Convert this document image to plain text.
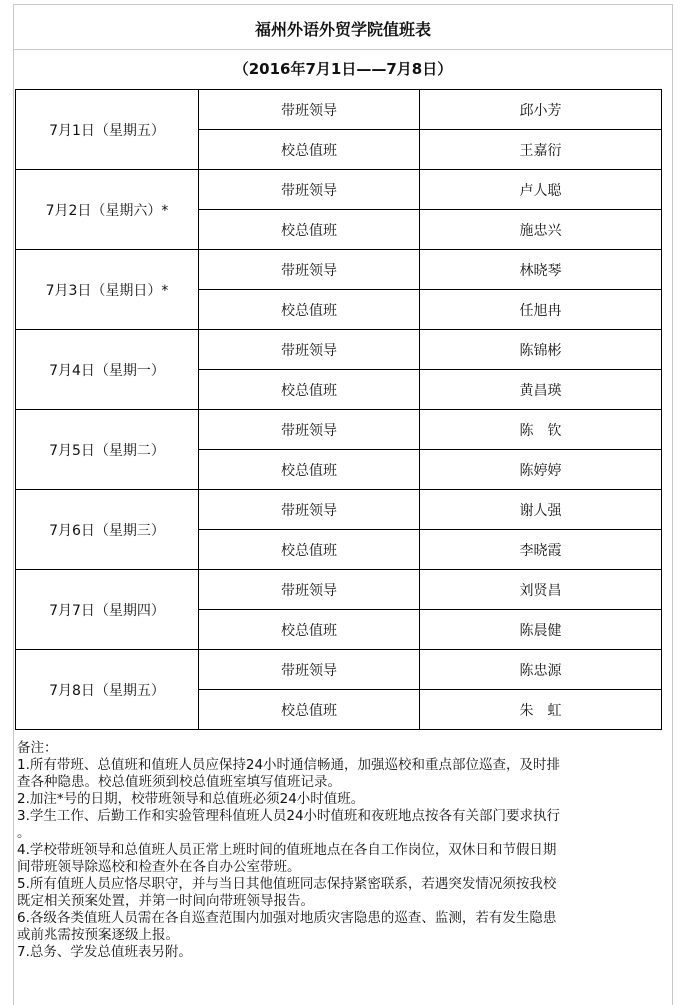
福州外语外贸学院值班表
（2016年7月1日——7月8日）
7月1日（星期五）	带班领导	邱小芳
	校总值班	王嘉衍
7月2日（星期六）*	带班领导	卢人聪
	校总值班	施忠兴
7月3日（星期日）*	带班领导	林晓琴
	校总值班	任旭冉
7月4日（星期一）	带班领导	陈锦彬
	校总值班	黄昌瑛
7月5日（星期二）	带班领导	陈　钦
	校总值班	陈婷婷
7月6日（星期三）	带班领导	谢人强
	校总值班	李晓霞
7月7日（星期四）	带班领导	刘贤昌
	校总值班	陈晨健
7月8日（星期五）	带班领导	陈忠源
	校总值班	朱　虹
备注：
1.所有带班、总值班和值班人员应保持24小时通信畅通，加强巡校和重点部位巡查，及时排
查各种隐患。校总值班须到校总值班室填写值班记录。
2.加注*号的日期，校带班领导和总值班必须24小时值班。
3.学生工作、后勤工作和实验管理科值班人员24小时值班和夜班地点按各有关部门要求执行
。
4.学校带班领导和总值班人员正常上班时间的值班地点在各自工作岗位，双休日和节假日期
间带班领导除巡校和检查外在各自办公室带班。
5.所有值班人员应恪尽职守，并与当日其他值班同志保持紧密联系，若遇突发情况须按我校
既定相关预案处置，并第一时间向带班领导报告。
6.各级各类值班人员需在各自巡查范围内加强对地质灾害隐患的巡查、监测，若有发生隐患
或前兆需按预案逐级上报。
7.总务、学发总值班表另附。
